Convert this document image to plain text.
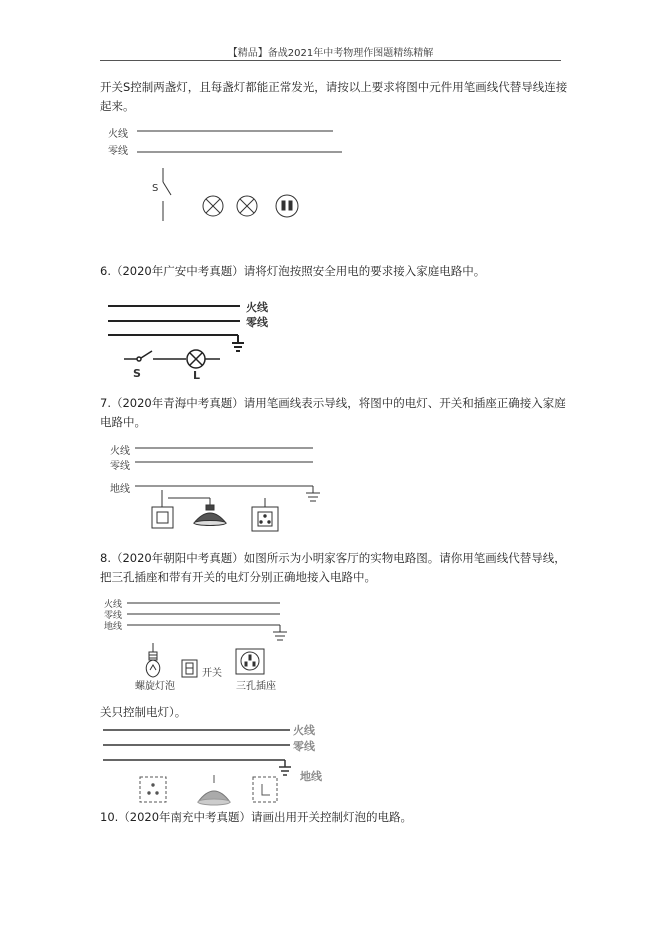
【精品】备战2021年中考物理作图题精练精解
开关S控制两盏灯，且每盏灯都能正常发光，请按以上要求将图中元件用笔画线代替导线连接起来。
火线
零线
S
6.（2020年广安中考真题）请将灯泡按照安全用电的要求接入家庭电路中。
火线
零线
S	L
7.（2020年青海中考真题）请用笔画线表示导线，将图中的电灯、开关和插座正确接入家庭电路中。
火线
零线
地线
8.（2020年朝阳中考真题）如图所示为小明家客厅的实物电路图。请你用笔画线代替导线，把三孔插座和带有开关的电灯分别正确地接入电路中。
火线
零线
地线
螺旋灯泡
开关
三孔插座
关只控制电灯）。
火线
零线
地线
10.（2020年南充中考真题）请画出用开关控制灯泡的电路。
